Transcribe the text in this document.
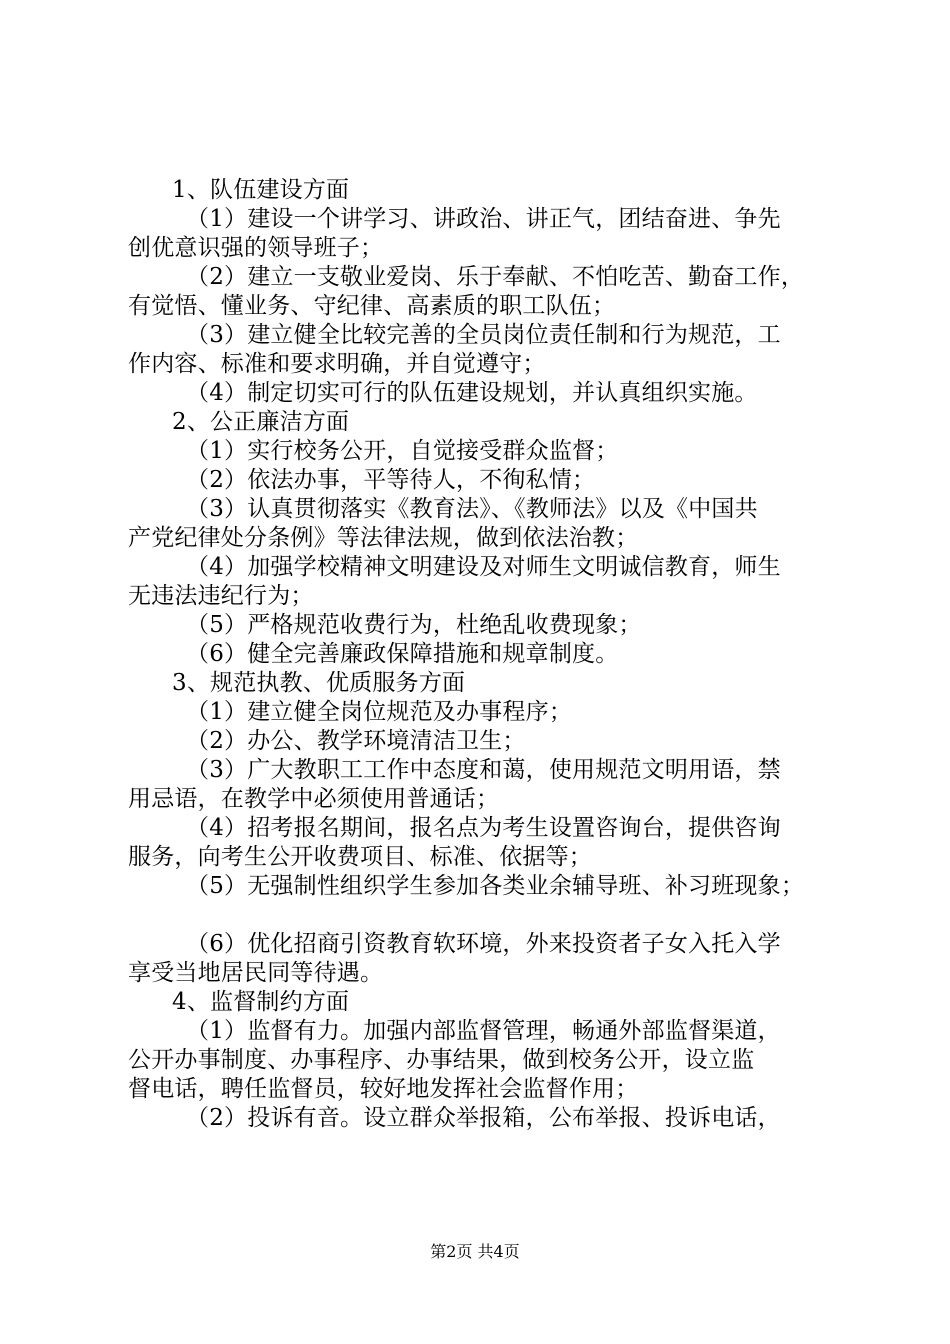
1、队伍建设方面
（1）建设一个讲学习、讲政治、讲正气，团结奋进、争先
创优意识强的领导班子；
（2）建立一支敬业爱岗、乐于奉献、不怕吃苦、勤奋工作，
有觉悟、懂业务、守纪律、高素质的职工队伍；
（3）建立健全比较完善的全员岗位责任制和行为规范，工
作内容、标准和要求明确，并自觉遵守；
（4）制定切实可行的队伍建设规划，并认真组织实施。
2、公正廉洁方面
（1）实行校务公开，自觉接受群众监督；
（2）依法办事，平等待人，不徇私情；
（3）认真贯彻落实《教育法》、《教师法》以及《中国共
产党纪律处分条例》等法律法规，做到依法治教；
（4）加强学校精神文明建设及对师生文明诚信教育，师生
无违法违纪行为；
（5）严格规范收费行为，杜绝乱收费现象；
（6）健全完善廉政保障措施和规章制度。
3、规范执教、优质服务方面
（1）建立健全岗位规范及办事程序；
（2）办公、教学环境清洁卫生；
（3）广大教职工工作中态度和蔼，使用规范文明用语，禁
用忌语，在教学中必须使用普通话；
（4）招考报名期间，报名点为考生设置咨询台，提供咨询
服务，向考生公开收费项目、标准、依据等；
（5）无强制性组织学生参加各类业余辅导班、补习班现象；
（6）优化招商引资教育软环境，外来投资者子女入托入学
享受当地居民同等待遇。
4、监督制约方面
（1）监督有力。加强内部监督管理，畅通外部监督渠道，
公开办事制度、办事程序、办事结果，做到校务公开，设立监
督电话，聘任监督员，较好地发挥社会监督作用；
（2）投诉有音。设立群众举报箱，公布举报、投诉电话，
第2页 共4页
